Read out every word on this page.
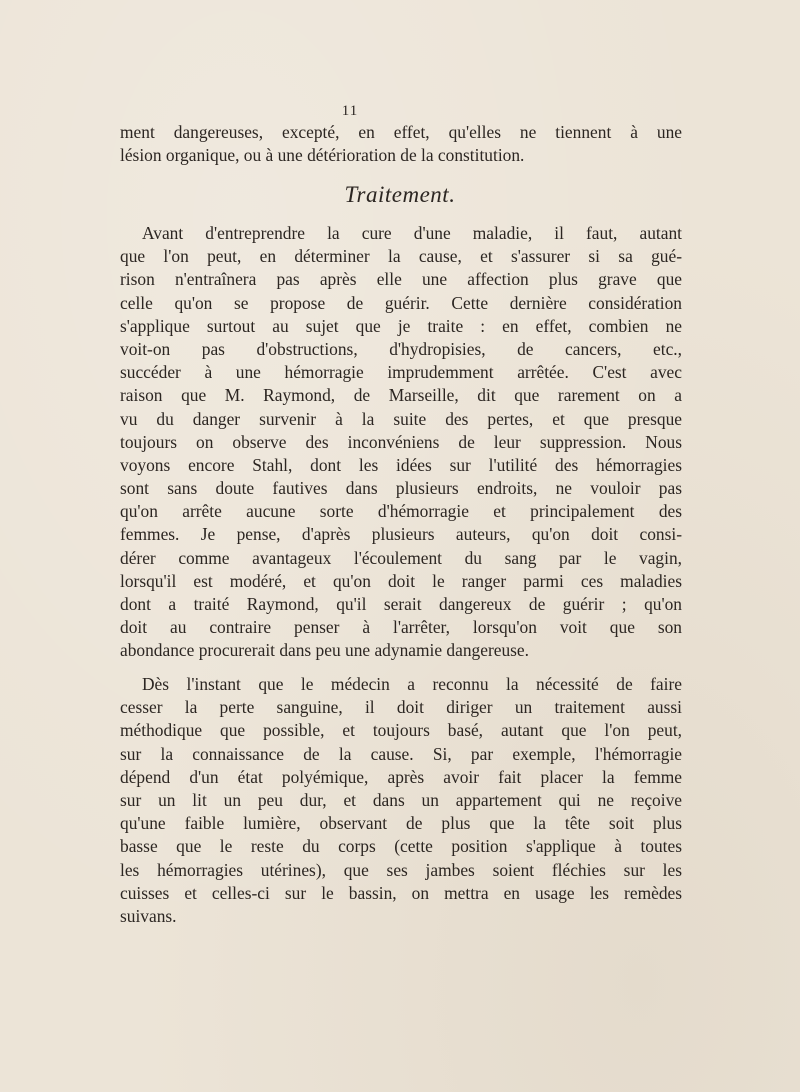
11
ment dangereuses, excepté, en effet, qu'elles ne tiennent à une
lésion organique, ou à une détérioration de la constitution.
Traitement.
Avant d'entreprendre la cure d'une maladie, il faut, autant
que l'on peut, en déterminer la cause, et s'assurer si sa gué-
rison n'entraînera pas après elle une affection plus grave que
celle qu'on se propose de guérir. Cette dernière considération
s'applique surtout au sujet que je traite : en effet, combien ne
voit-on pas d'obstructions, d'hydropisies, de cancers, etc.,
succéder à une hémorragie imprudemment arrêtée. C'est avec
raison que M. Raymond, de Marseille, dit que rarement on a
vu du danger survenir à la suite des pertes, et que presque
toujours on observe des inconvéniens de leur suppression. Nous
voyons encore Stahl, dont les idées sur l'utilité des hémorragies
sont sans doute fautives dans plusieurs endroits, ne vouloir pas
qu'on arrête aucune sorte d'hémorragie et principalement des
femmes. Je pense, d'après plusieurs auteurs, qu'on doit consi-
dérer comme avantageux l'écoulement du sang par le vagin,
lorsqu'il est modéré, et qu'on doit le ranger parmi ces maladies
dont a traité Raymond, qu'il serait dangereux de guérir ; qu'on
doit au contraire penser à l'arrêter, lorsqu'on voit que son
abondance procurerait dans peu une adynamie dangereuse.
Dès l'instant que le médecin a reconnu la nécessité de faire
cesser la perte sanguine, il doit diriger un traitement aussi
méthodique que possible, et toujours basé, autant que l'on peut,
sur la connaissance de la cause. Si, par exemple, l'hémorragie
dépend d'un état polyémique, après avoir fait placer la femme
sur un lit un peu dur, et dans un appartement qui ne reçoive
qu'une faible lumière, observant de plus que la tête soit plus
basse que le reste du corps (cette position s'applique à toutes
les hémorragies utérines), que ses jambes soient fléchies sur les
cuisses et celles-ci sur le bassin, on mettra en usage les remèdes
suivans.
